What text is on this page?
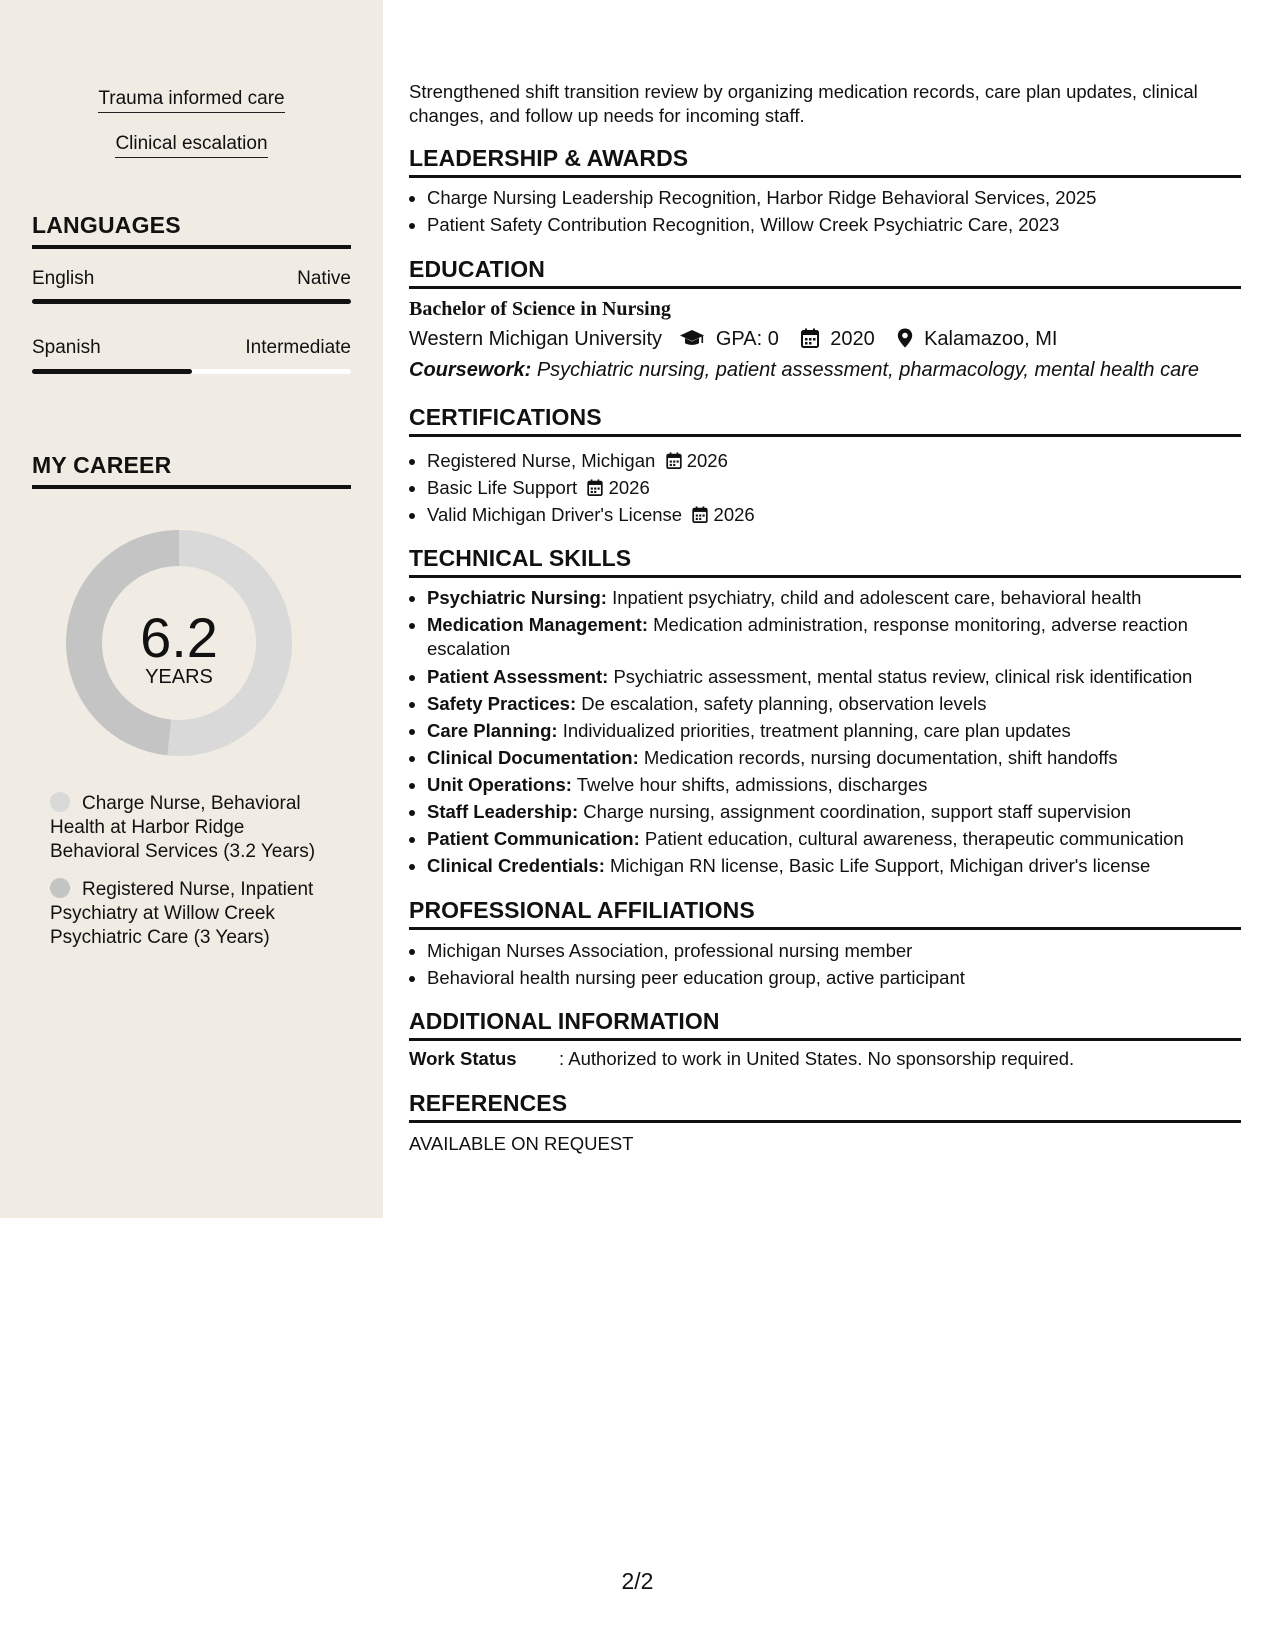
Trauma informed care
Clinical escalation
LANGUAGES
English	Native
Spanish	Intermediate
MY CAREER
6.2
YEARS
Charge Nurse, Behavioral Health at Harbor Ridge Behavioral Services (3.2 Years)
Registered Nurse, Inpatient Psychiatry at Willow Creek Psychiatric Care (3 Years)
Strengthened shift transition review by organizing medication records, care plan updates, clinical changes, and follow up needs for incoming staff.
LEADERSHIP & AWARDS
• Charge Nursing Leadership Recognition, Harbor Ridge Behavioral Services, 2025
• Patient Safety Contribution Recognition, Willow Creek Psychiatric Care, 2023
EDUCATION
Bachelor of Science in Nursing
Western Michigan University	GPA: 0	2020 Kalamazoo, MI
Coursework: Psychiatric nursing, patient assessment, pharmacology, mental health care
CERTIFICATIONS
• Registered Nurse, Michigan 2026
• Basic Life Support 2026
• Valid Michigan Driver's License 2026
TECHNICAL SKILLS
• Psychiatric Nursing: Inpatient psychiatry, child and adolescent care, behavioral health
• Medication Management: Medication administration, response monitoring, adverse reaction escalation
• Patient Assessment: Psychiatric assessment, mental status review, clinical risk identification
• Safety Practices: De escalation, safety planning, observation levels
• Care Planning: Individualized priorities, treatment planning, care plan updates
• Clinical Documentation: Medication records, nursing documentation, shift handoffs
• Unit Operations: Twelve hour shifts, admissions, discharges
• Staff Leadership: Charge nursing, assignment coordination, support staff supervision
• Patient Communication: Patient education, cultural awareness, therapeutic communication
• Clinical Credentials: Michigan RN license, Basic Life Support, Michigan driver's license
PROFESSIONAL AFFILIATIONS
• Michigan Nurses Association, professional nursing member
• Behavioral health nursing peer education group, active participant
ADDITIONAL INFORMATION
Work Status : Authorized to work in United States. No sponsorship required.
REFERENCES
AVAILABLE ON REQUEST
2/2
